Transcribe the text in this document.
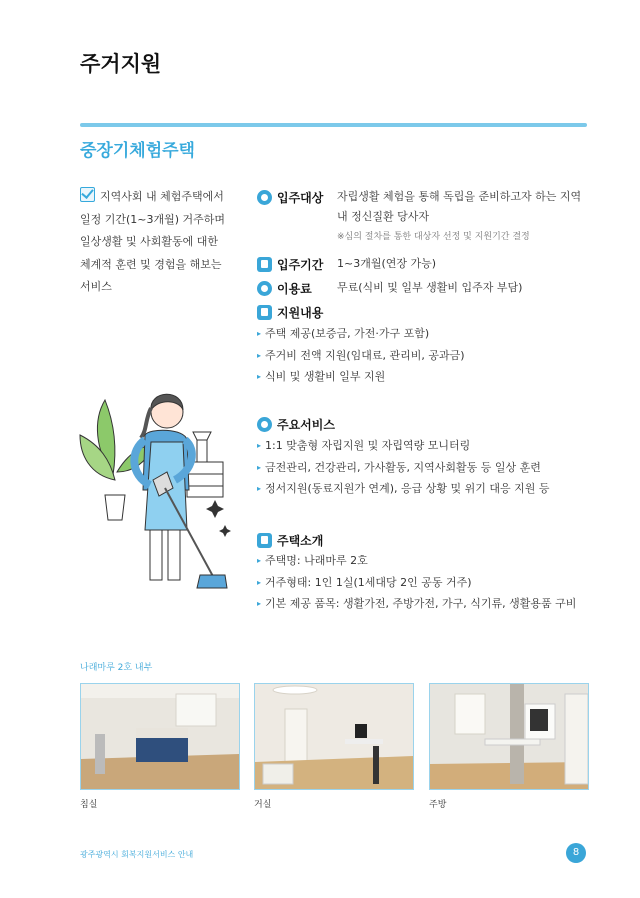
주거지원
중장기체험주택
지역사회 내 체험주택에서
일정 기간(1~3개월) 거주하며
일상생활 및 사회활동에 대한
체계적 훈련 및 경험을 해보는
서비스
입주대상	자립생활 체험을 통해 독립을 준비하고자 하는 지역
내 정신질환 당사자
※심의 절차를 통한 대상자 선정 및 지원기간 결정
입주기간	1~3개월(연장 가능)
이용료	무료(식비 및 일부 생활비 입주자 부담)
지원내용
▸ 주택 제공(보증금, 가전·가구 포함)
▸ 주거비 전액 지원(임대료, 관리비, 공과금)
▸ 식비 및 생활비 일부 지원
주요서비스
▸ 1:1 맞춤형 자립지원 및 자립역량 모니터링
▸ 금전관리, 건강관리, 가사활동, 지역사회활동 등 일상 훈련
▸ 정서지원(동료지원가 연계), 응급 상황 및 위기 대응 지원 등
주택소개
▸ 주택명: 나래마루 2호
▸ 거주형태: 1인 1실(1세대당 2인 공동 거주)
▸ 기본 제공 품목: 생활가전, 주방가전, 가구, 식기류, 생활용품 구비
나래마루 2호 내부
침실	거실	주방
광주광역시 회복지원서비스 안내	8
